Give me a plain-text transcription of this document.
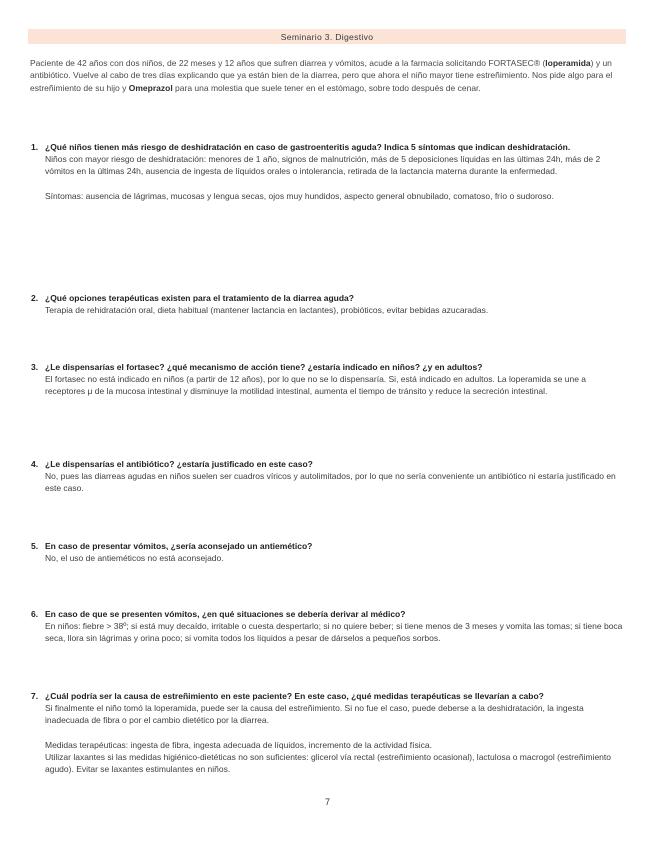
Seminario 3. Digestivo
Paciente de 42 años con dos niños, de 22 meses y 12 años que sufren diarrea y vómitos, acude a la farmacia solicitando FORTASEC® (loperamida) y un antibiótico. Vuelve al cabo de tres días explicando que ya están bien de la diarrea, pero que ahora el niño mayor tiene estreñimiento. Nos pide algo para el estreñimiento de su hijo y Omeprazol para una molestia que suele tener en el estómago, sobre todo después de cenar.
1. ¿Qué niños tienen más riesgo de deshidratación en caso de gastroenteritis aguda? Indica 5 síntomas que indican deshidratación.
Niños con mayor riesgo de deshidratación: menores de 1 año, signos de malnutrición, más de 5 deposiciones líquidas en las últimas 24h, más de 2 vómitos en la últimas 24h, ausencia de ingesta de líquidos orales o intolerancia, retirada de la lactancia materna durante la enfermedad.
Síntomas: ausencia de lágrimas, mucosas y lengua secas, ojos muy hundidos, aspecto general obnubilado, comatoso, frío o sudoroso.
2. ¿Qué opciones terapéuticas existen para el tratamiento de la diarrea aguda?
Terapia de rehidratación oral, dieta habitual (mantener lactancia en lactantes), probióticos, evitar bebidas azucaradas.
3. ¿Le dispensarías el fortasec? ¿qué mecanismo de acción tiene? ¿estaría indicado en niños? ¿y en adultos?
El fortasec no está indicado en niños (a partir de 12 años), por lo que no se lo dispensaría. Si, está indicado en adultos. La loperamida se une a receptores μ de la mucosa intestinal y disminuye la motilidad intestinal, aumenta el tiempo de tránsito y reduce la secreción intestinal.
4. ¿Le dispensarías el antibiótico? ¿estaría justificado en este caso?
No, pues las diarreas agudas en niños suelen ser cuadros víricos y autolimitados, por lo que no sería conveniente un antibiótico ni estaría justificado en este caso.
5. En caso de presentar vómitos, ¿sería aconsejado un antiemético?
No, el uso de antieméticos no está aconsejado.
6. En caso de que se presenten vómitos, ¿en qué situaciones se debería derivar al médico?
En niños: fiebre > 38º; si está muy decaído, irritable o cuesta despertarlo; si no quiere beber; si tiene menos de 3 meses y vomita las tomas; si tiene boca seca, llora sin lágrimas y orina poco; si vomita todos los líquidos a pesar de dárselos a pequeños sorbos.
7. ¿Cuál podría ser la causa de estreñimiento en este paciente? En este caso, ¿qué medidas terapéuticas se llevarían a cabo?
Si finalmente el niño tomó la loperamida, puede ser la causa del estreñimiento. Si no fue el caso, puede deberse a la deshidratación, la ingesta inadecuada de fibra o por el cambio dietético por la diarrea.
Medidas terapéuticas: ingesta de fibra, ingesta adecuada de líquidos, incremento de la actividad física.
Utilizar laxantes si las medidas higiénico-dietéticas no son suficientes: glicerol vía rectal (estreñimiento ocasional), lactulosa o macrogol (estreñimiento agudo). Evitar se laxantes estimulantes en niños.
7
